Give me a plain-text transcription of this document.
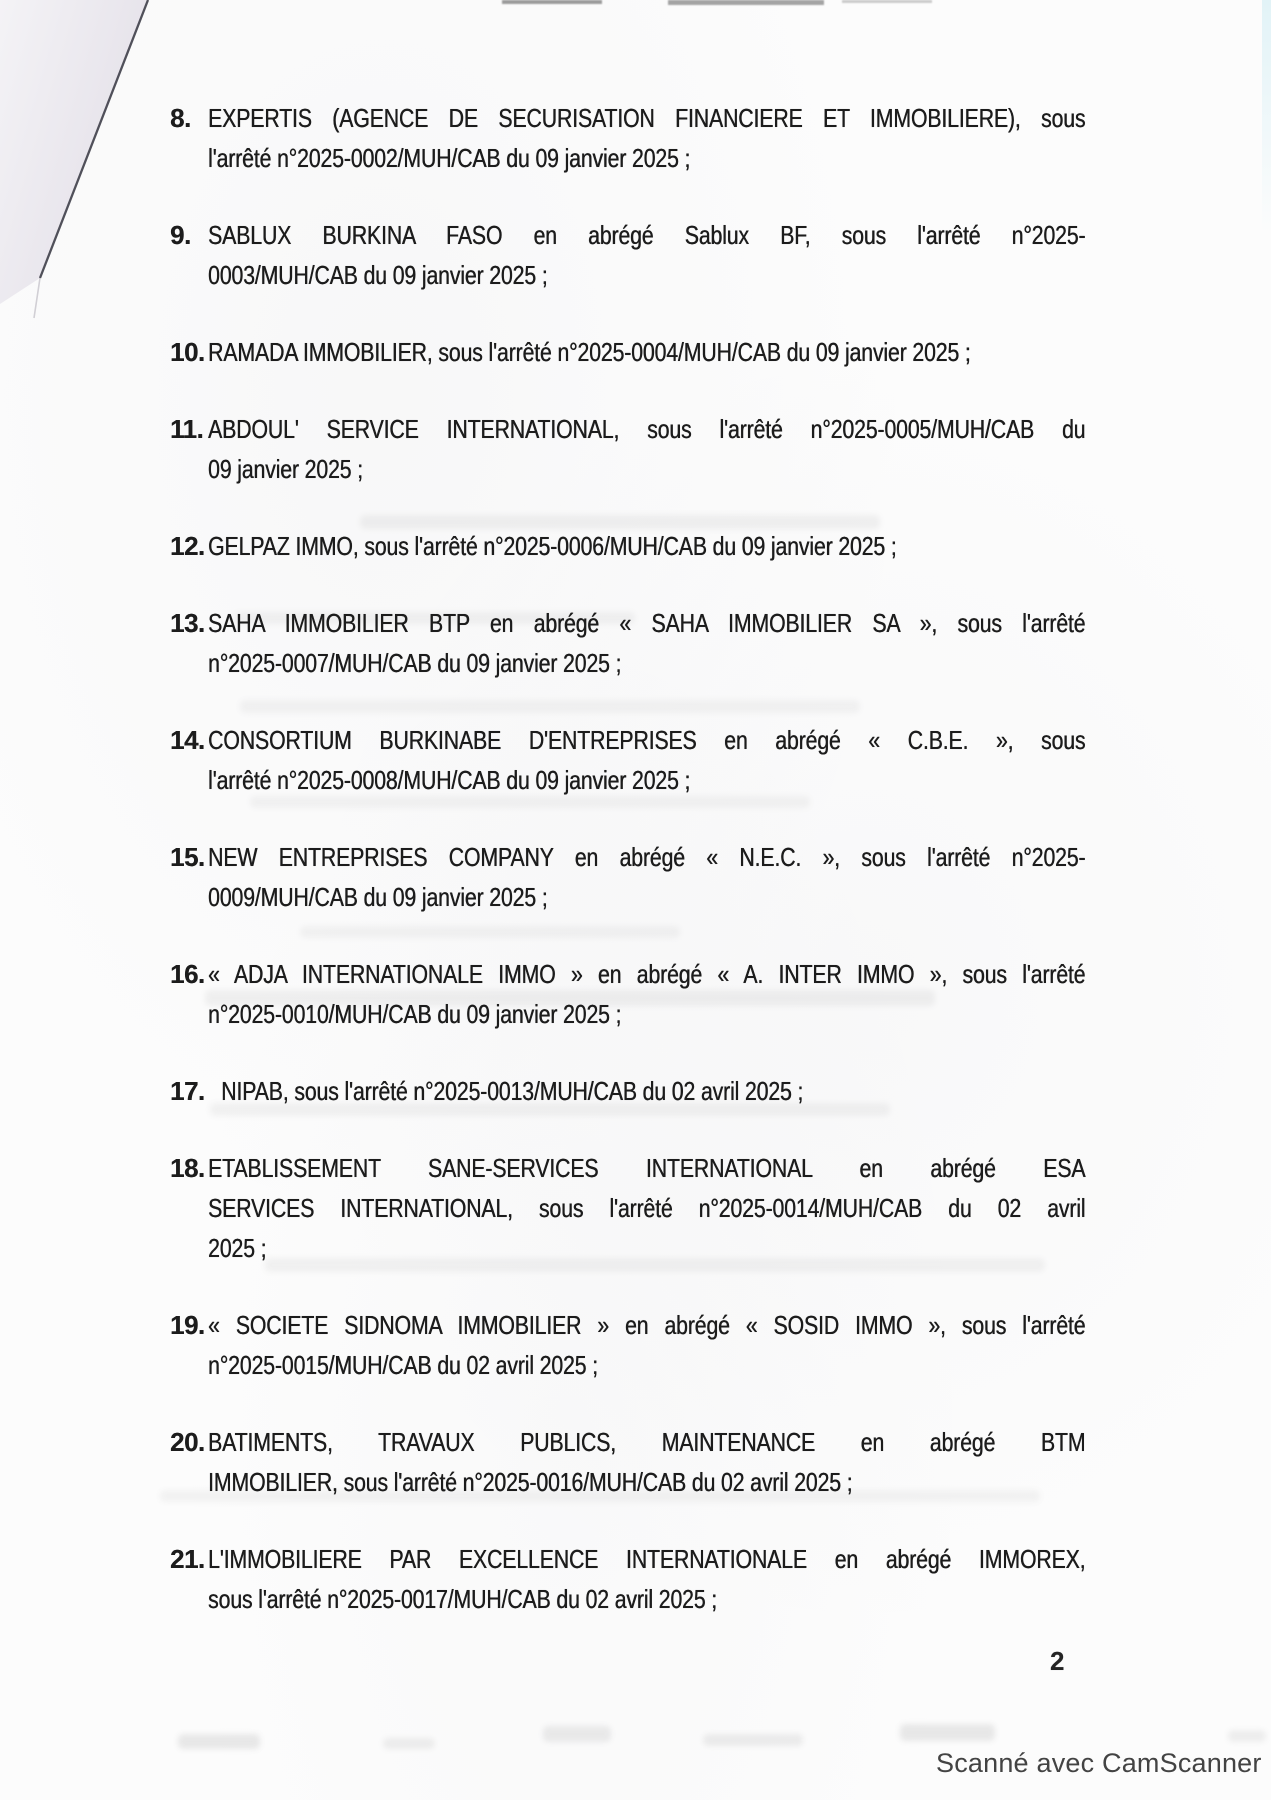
8. EXPERTIS (AGENCE DE SECURISATION FINANCIERE ET IMMOBILIERE), sous
l'arrêté n°2025-0002/MUH/CAB du 09 janvier 2025 ;
9. SABLUX BURKINA FASO en abrégé Sablux BF, sous l'arrêté n°2025-
0003/MUH/CAB du 09 janvier 2025 ;
10. RAMADA IMMOBILIER, sous l'arrêté n°2025-0004/MUH/CAB du 09 janvier 2025 ;
11. ABDOUL' SERVICE INTERNATIONAL, sous l'arrêté n°2025-0005/MUH/CAB du
09 janvier 2025 ;
12. GELPAZ IMMO, sous l'arrêté n°2025-0006/MUH/CAB du 09 janvier 2025 ;
13. SAHA IMMOBILIER BTP en abrégé « SAHA IMMOBILIER SA », sous l'arrêté
n°2025-0007/MUH/CAB du 09 janvier 2025 ;
14. CONSORTIUM BURKINABE D'ENTREPRISES en abrégé « C.B.E. », sous
l'arrêté n°2025-0008/MUH/CAB du 09 janvier 2025 ;
15. NEW ENTREPRISES COMPANY en abrégé « N.E.C. », sous l'arrêté n°2025-
0009/MUH/CAB du 09 janvier 2025 ;
16. « ADJA INTERNATIONALE IMMO » en abrégé « A. INTER IMMO », sous l'arrêté
n°2025-0010/MUH/CAB du 09 janvier 2025 ;
17. NIPAB, sous l'arrêté n°2025-0013/MUH/CAB du 02 avril 2025 ;
18. ETABLISSEMENT SANE-SERVICES INTERNATIONAL en abrégé ESA
SERVICES INTERNATIONAL, sous l'arrêté n°2025-0014/MUH/CAB du 02 avril
2025 ;
19. « SOCIETE SIDNOMA IMMOBILIER » en abrégé « SOSID IMMO », sous l'arrêté
n°2025-0015/MUH/CAB du 02 avril 2025 ;
20. BATIMENTS, TRAVAUX PUBLICS, MAINTENANCE en abrégé BTM
IMMOBILIER, sous l'arrêté n°2025-0016/MUH/CAB du 02 avril 2025 ;
21. L'IMMOBILIERE PAR EXCELLENCE INTERNATIONALE en abrégé IMMOREX,
sous l'arrêté n°2025-0017/MUH/CAB du 02 avril 2025 ;
2
Scanné avec CamScanner
